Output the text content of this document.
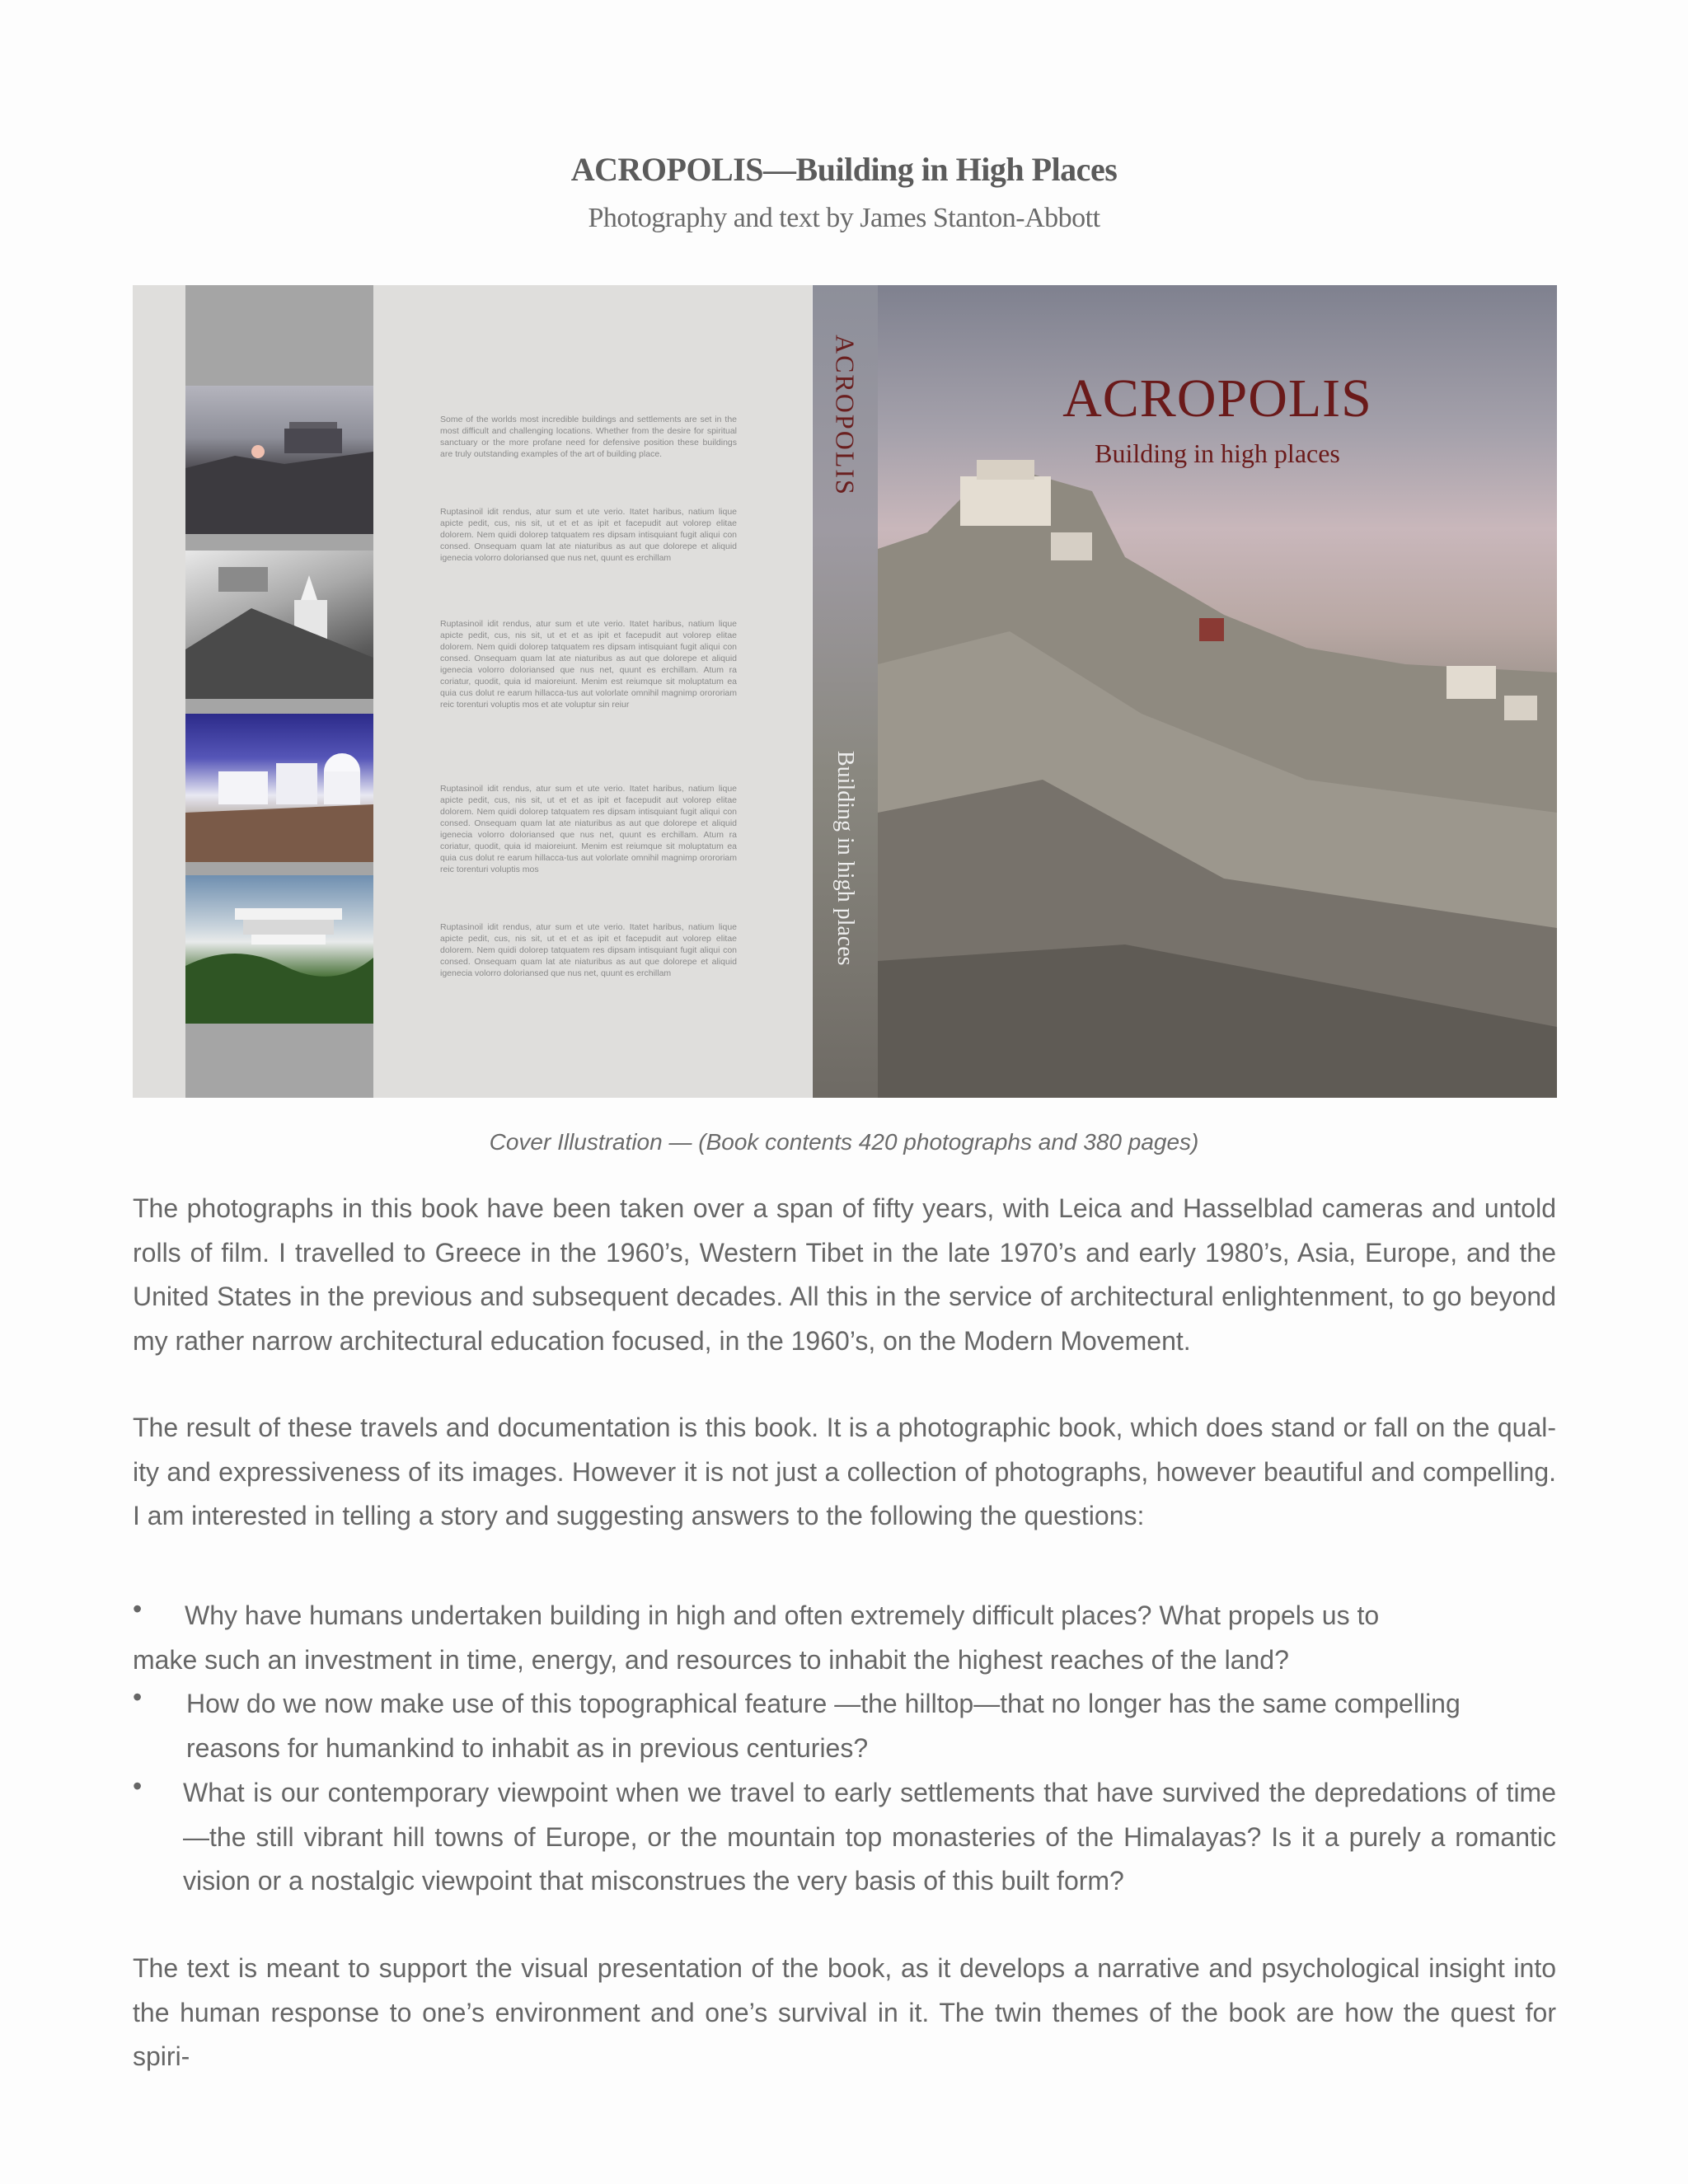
ACROPOLIS—Building in High Places
Photography and text by James Stanton-Abbott

Some of the worlds most incredible buildings and settlements are set in the most difficult and challenging locations. Whether from the desire for spiritual sanctuary or the more profane need for defensive position these buildings are truly outstanding examples of the art of building place.

Ruptasinoil idit rendus, atur sum et ute verio. Itatet haribus, natium lique apicte pedit, cus, nis sit, ut et et as ipit et facepudit aut volorep elitae dolorem. Nem quidi dolorep tatquatem res dipsam intisquiant fugit aliqui con consed. Onsequam quam lat ate niaturibus as aut que dolorepe et aliquid igenecia volorro doloriansed que nus net, quunt es erchillam

Ruptasinoil idit rendus, atur sum et ute verio. Itatet haribus, natium lique apicte pedit, cus, nis sit, ut et et as ipit et facepudit aut volorep elitae dolorem. Nem quidi dolorep tatquatem res dipsam intisquiant fugit aliqui con consed. Onsequam quam lat ate niaturibus as aut que dolorepe et aliquid igenecia volorro doloriansed que nus net, quunt es erchillam. Atum ra coriatur, quodit, quia id maioreiunt. Menim est reiumque sit moluptatum ea quia cus dolut re earum hillacca-tus aut volorlate omnihil magnimp orororiam reic torenturi voluptis mos et ate voluptur sin reiur

Ruptasinoil idit rendus, atur sum et ute verio. Itatet haribus, natium lique apicte pedit, cus, nis sit, ut et et as ipit et facepudit aut volorep elitae dolorem. Nem quidi dolorep tatquatem res dipsam intisquiant fugit aliqui con consed. Onsequam quam lat ate niaturibus as aut que dolorepe et aliquid igenecia volorro doloriansed que nus net, quunt es erchillam. Atum ra coriatur, quodit, quia id maioreiunt. Menim est reiumque sit moluptatum ea quia cus dolut re earum hillacca-tus aut volorlate omnihil magnimp orororiam reic torenturi voluptis mos

Ruptasinoil idit rendus, atur sum et ute verio. Itatet haribus, natium lique apicte pedit, cus, nis sit, ut et et as ipit et facepudit aut volorep elitae dolorem. Nem quidi dolorep tatquatem res dipsam intisquiant fugit aliqui con consed. Onsequam quam lat ate niaturibus as aut que dolorepe et aliquid igenecia volorro doloriansed que nus net, quunt es erchillam

ACROPOLIS
Building in high places
ACROPOLIS
Building in high places
Cover Illustration — (Book contents 420 photographs and 380 pages)

The photographs in this book have been taken over a span of fifty years, with Leica and Hasselblad cameras and untold rolls of film. I travelled to Greece in the 1960’s, Western Tibet in the late 1970’s and early 1980’s, Asia, Europe, and the United States in the previous and subsequent decades. All this in the service of architectural enlightenment, to go beyond my rather narrow architectural education focused, in the 1960’s, on the Modern Movement.

The result of these travels and documentation is this book. It is a photographic book, which does stand or fall on the qual-ity and expressiveness of its images. However it is not just a collection of photographs, however beautiful and compelling. I am interested in telling a story and suggesting answers to the following the questions:

• Why have humans undertaken building in high and often extremely difficult places? What propels us to

make such an investment in time, energy, and resources to inhabit the highest reaches of the land?

• How do we now make use of this topographical feature —the hilltop—that no longer has the same compelling reasons for humankind to inhabit as in previous centuries?

• What is our contemporary viewpoint when we travel to early settlements that have survived the depredations of time—the still vibrant hill towns of Europe, or the mountain top monasteries of the Himalayas? Is it a purely a romantic vision or a nostalgic viewpoint that misconstrues the very basis of this built form?

The text is meant to support the visual presentation of the book, as it develops a narrative and psychological insight into the human response to one’s environment and one’s survival in it. The twin themes of the book are how the quest for spiri-
